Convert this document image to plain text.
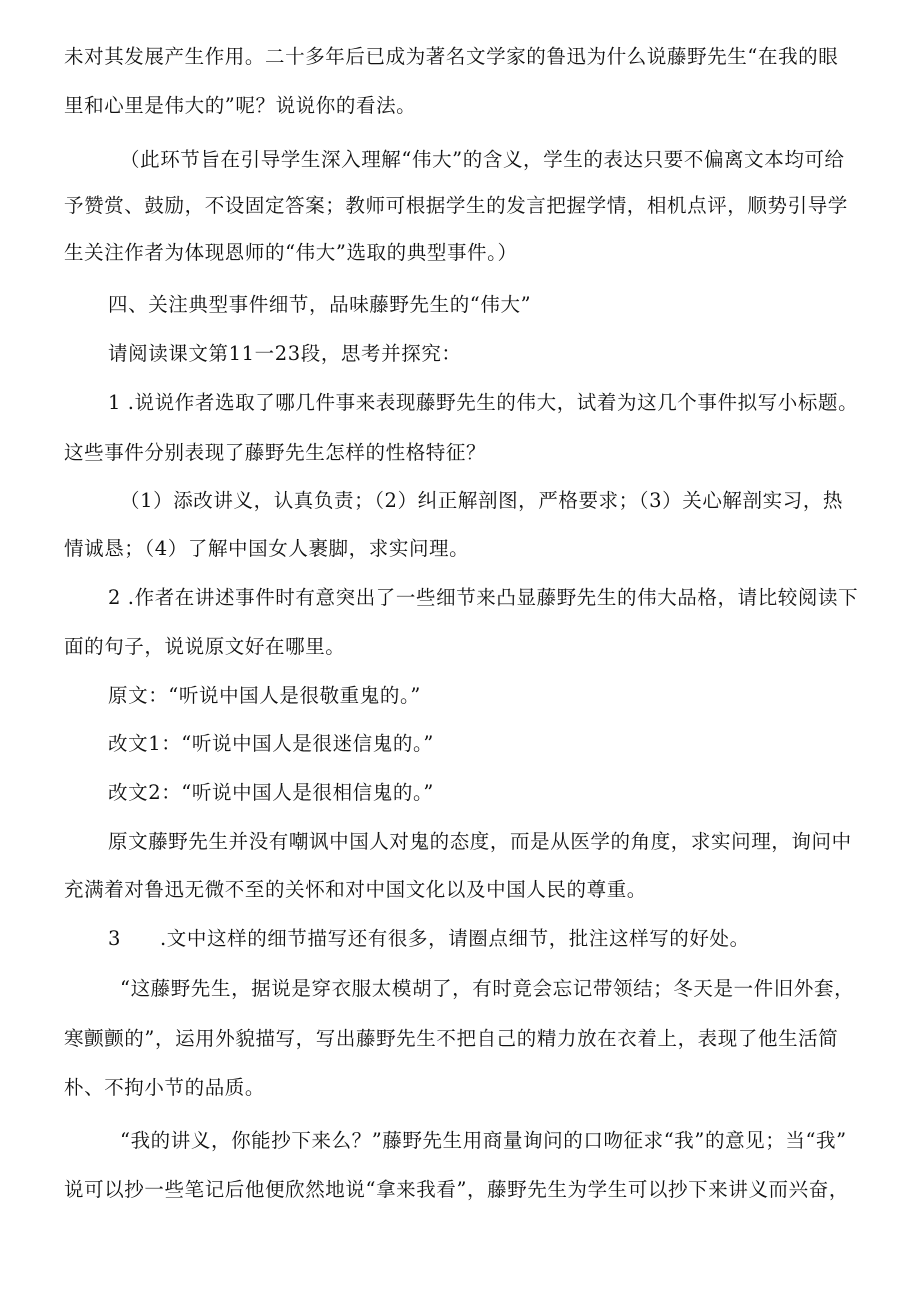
未对其发展产生作用。二十多年后已成为著名文学家的鲁迅为什么说藤野先生“在我的眼
里和心里是伟大的”呢？说说你的看法。
（此环节旨在引导学生深入理解“伟大”的含义，学生的表达只要不偏离文本均可给
予赞赏、鼓励，不设固定答案；教师可根据学生的发言把握学情，相机点评，顺势引导学
生关注作者为体现恩师的“伟大”选取的典型事件。）
四、关注典型事件细节，品味藤野先生的“伟大”
请阅读课文第11一23段，思考并探究：
1 .说说作者选取了哪几件事来表现藤野先生的伟大，试着为这几个事件拟写小标题。
这些事件分别表现了藤野先生怎样的性格特征？
（1）添改讲义，认真负责；（2）纠正解剖图，严格要求；（3）关心解剖实习，热
情诚恳；（4）了解中国女人裹脚，求实问理。
2 .作者在讲述事件时有意突出了一些细节来凸显藤野先生的伟大品格，请比较阅读下
面的句子，说说原文好在哪里。
原文：“听说中国人是很敬重鬼的。”
改文1：“听说中国人是很迷信鬼的。”
改文2：“听说中国人是很相信鬼的。”
原文藤野先生并没有嘲讽中国人对鬼的态度，而是从医学的角度，求实问理，询问中
充满着对鲁迅无微不至的关怀和对中国文化以及中国人民的尊重。
3 .文中这样的细节描写还有很多，请圈点细节，批注这样写的好处。
“这藤野先生，据说是穿衣服太模胡了，有时竟会忘记带领结；冬天是一件旧外套，
寒颤颤的”，运用外貌描写，写出藤野先生不把自己的精力放在衣着上，表现了他生活简
朴、不拘小节的品质。
“我的讲义，你能抄下来么？”藤野先生用商量询问的口吻征求“我”的意见；当“我”
说可以抄一些笔记后他便欣然地说“拿来我看”，藤野先生为学生可以抄下来讲义而兴奋，
